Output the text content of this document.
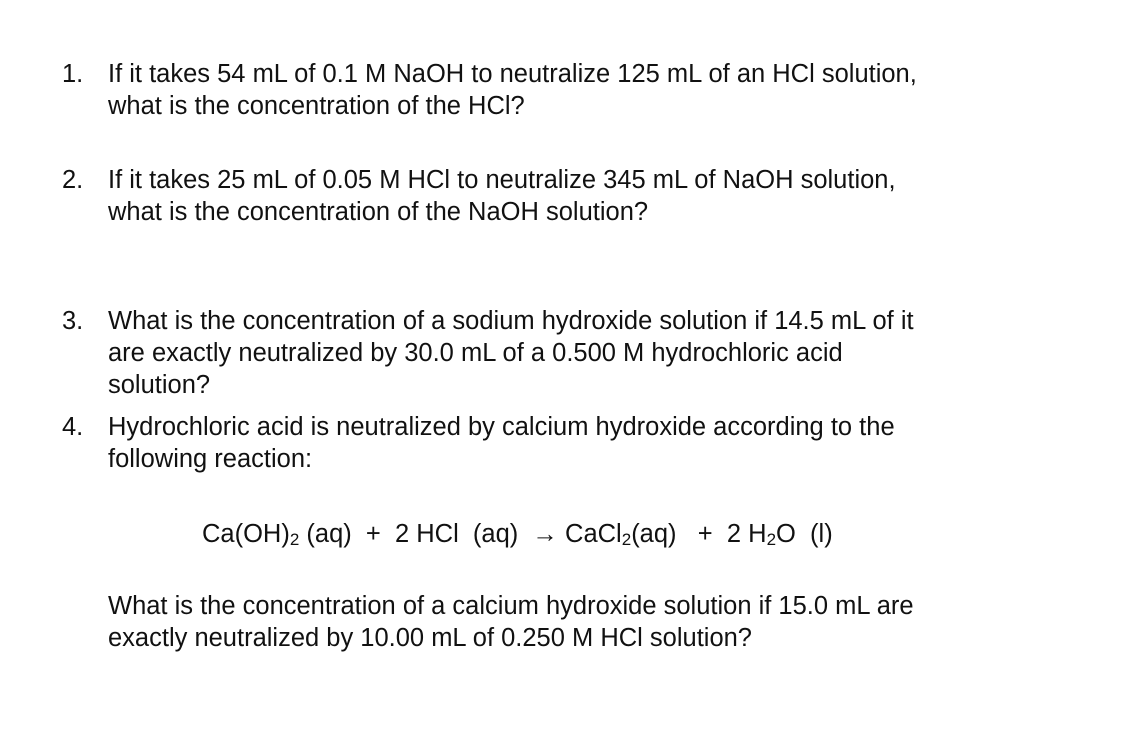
1. If it takes 54 mL of 0.1 M NaOH to neutralize 125 mL of an HCl solution,
what is the concentration of the HCl?
2. If it takes 25 mL of 0.05 M HCl to neutralize 345 mL of NaOH solution,
what is the concentration of the NaOH solution?
3. What is the concentration of a sodium hydroxide solution if 14.5 mL of it
are exactly neutralized by 30.0 mL of a 0.500 M hydrochloric acid
solution?
4. Hydrochloric acid is neutralized by calcium hydroxide according to the
following reaction:
$Ca(OH)_2$ (aq)  +  2 HCl  (aq)  → CaCl$_2$(aq)   +  2 $H_2O$  (l)
What is the concentration of a calcium hydroxide solution if 15.0 mL are
exactly neutralized by 10.00 mL of 0.250 M HCl solution?
